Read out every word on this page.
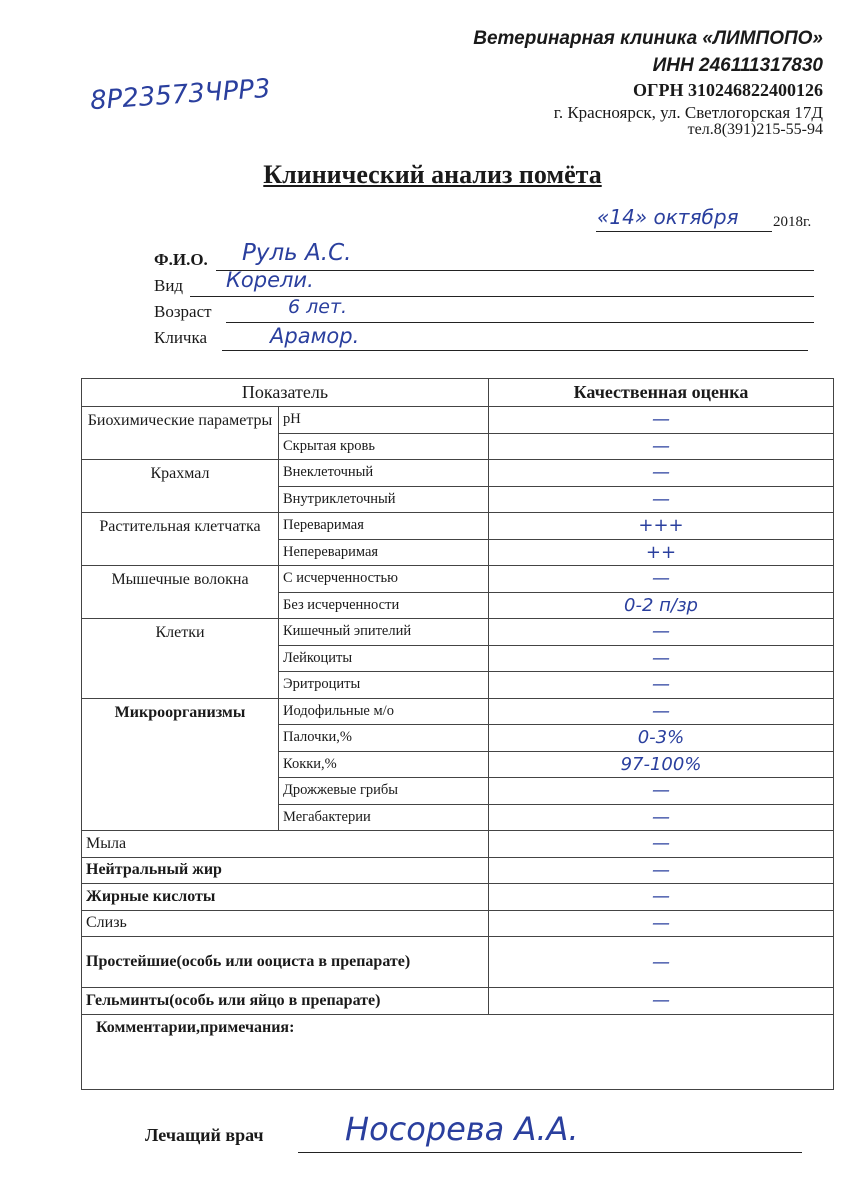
Ветеринарная клиника «ЛИМПОПО»
ИНН 246111317830
ОГРН 310246822400126
г. Красноярск, ул. Светлогорская 17Д
тел.8(391)215-55-94
8P23573ЧPP3
Клинический анализ помёта
«14» октября 2018г.
Ф.И.О. Руль А.С.
Вид Корели.
Возраст	6 лет.
Кличка	Арамор.
Показатель		Качественная оценка
Биохимические параметры	pH	—

	Скрытая кровь	—

Крахмал	Внеклеточный	—

	Внутриклеточный	—

Растительная клетчатка	Переваримая	+++

	Непереваримая	++

Мышечные волокна	С исчерченностью	—

	Без исчерченности	0-2 п/зр

Клетки	Кишечный эпителий	—

	Лейкоциты	—

	Эритроциты	—

Микроорганизмы	Иодофильные м/о	—

	Палочки,%	0-3%

	Кокки,%	97-100%

	Дрожжевые грибы	—

	Мегабактерии	—

Мыла		—

Нейтральный жир		—

Жирные кислоты		—

Слизь		—

Простейшие(особь или ооциста в препарате)		—

Гельминты(особь или яйцо в препарате)		—

Комментарии,примечания:		
Лечащий врач	Носорева А.А.
